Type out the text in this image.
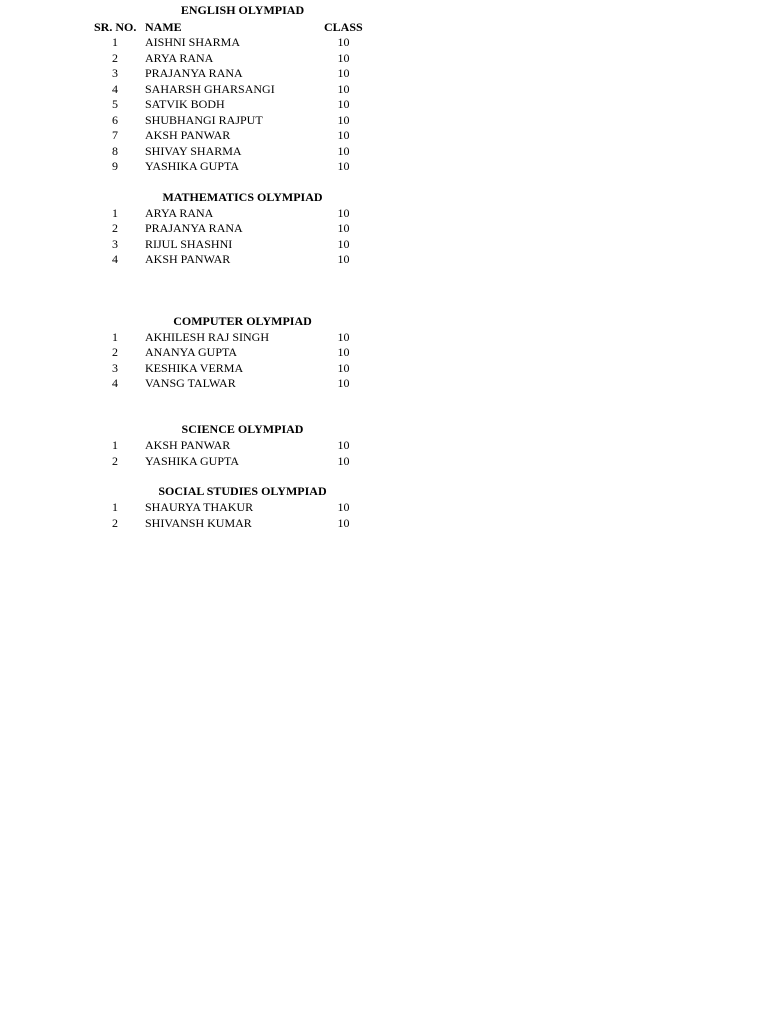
ENGLISH OLYMPIAD
SR. NO. NAME	CLASS
1 AISHNI SHARMA	10
2 ARYA RANA	10
3 PRAJANYA RANA	10
4 SAHARSH GHARSANGI	10
5 SATVIK BODH	10
6 SHUBHANGI RAJPUT	10
7 AKSH PANWAR	10
8 SHIVAY SHARMA	10
9 YASHIKA GUPTA	10
MATHEMATICS OLYMPIAD
1 ARYA RANA	10
2 PRAJANYA RANA	10
3 RIJUL SHASHNI	10
4 AKSH PANWAR	10
COMPUTER OLYMPIAD
1 AKHILESH RAJ SINGH	10
2 ANANYA GUPTA	10
3 KESHIKA VERMA	10
4 VANSG TALWAR	10
SCIENCE OLYMPIAD
1 AKSH PANWAR	10
2 YASHIKA GUPTA	10
SOCIAL STUDIES OLYMPIAD
1 SHAURYA THAKUR	10
2 SHIVANSH KUMAR	10
